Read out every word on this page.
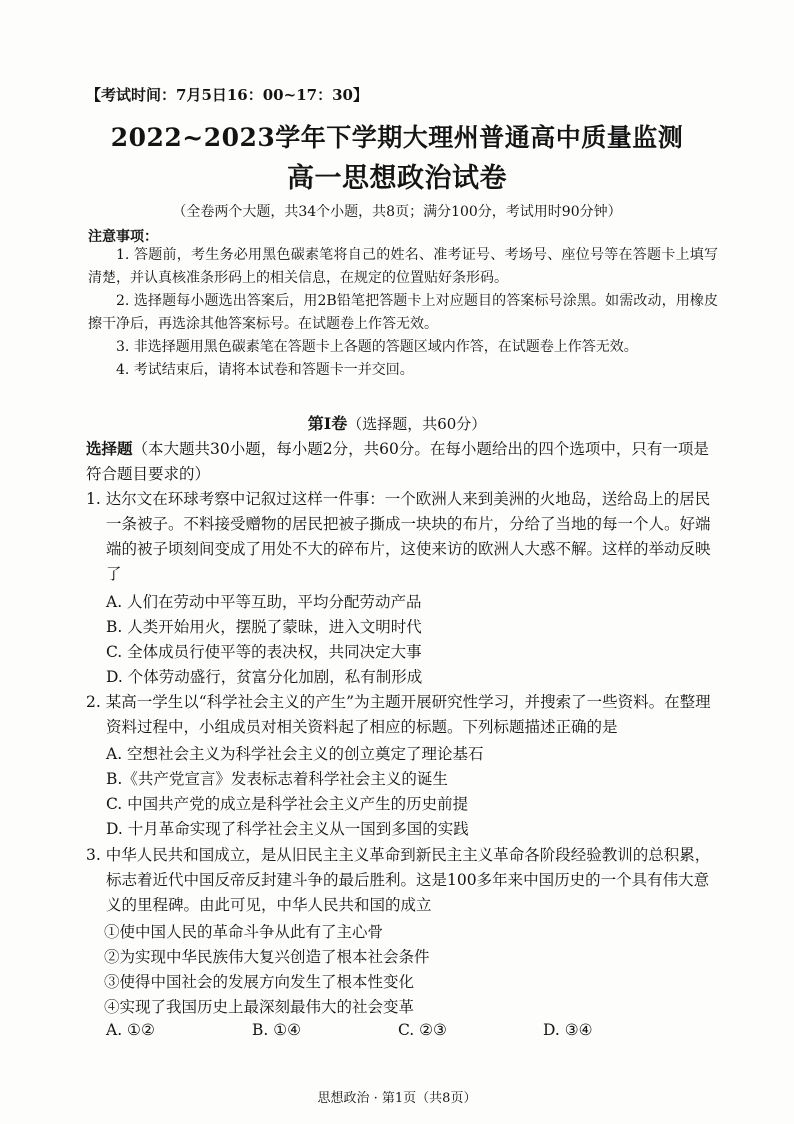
【考试时间：7月5日16：00~17：30】
2022~2023学年下学期大理州普通高中质量监测
高一思想政治试卷
（全卷两个大题，共34个小题，共8页；满分100分，考试用时90分钟）
注意事项：

1. 答题前，考生务必用黑色碳素笔将自己的姓名、准考证号、考场号、座位号等在答题卡上填写清楚，并认真核准条形码上的相关信息，在规定的位置贴好条形码。

2. 选择题每小题选出答案后，用2B铅笔把答题卡上对应题目的答案标号涂黑。如需改动，用橡皮擦干净后，再选涂其他答案标号。在试题卷上作答无效。

3. 非选择题用黑色碳素笔在答题卡上各题的答题区域内作答，在试题卷上作答无效。

4. 考试结束后，请将本试卷和答题卡一并交回。

第Ⅰ卷（选择题，共60分）
选择题（本大题共30小题，每小题2分，共60分。在每小题给出的四个选项中，只有一项是符合题目要求的）
1. 达尔文在环球考察中记叙过这样一件事：一个欧洲人来到美洲的火地岛，送给岛上的居民一条被子。不料接受赠物的居民把被子撕成一块块的布片，分给了当地的每一个人。好端端的被子顷刻间变成了用处不大的碎布片，这使来访的欧洲人大惑不解。这样的举动反映了
A. 人们在劳动中平等互助，平均分配劳动产品
B. 人类开始用火，摆脱了蒙昧，进入文明时代
C. 全体成员行使平等的表决权，共同决定大事
D. 个体劳动盛行，贫富分化加剧，私有制形成
2. 某高一学生以“科学社会主义的产生”为主题开展研究性学习，并搜索了一些资料。在整理资料过程中，小组成员对相关资料起了相应的标题。下列标题描述正确的是
A. 空想社会主义为科学社会主义的创立奠定了理论基石
B.《共产党宣言》发表标志着科学社会主义的诞生
C. 中国共产党的成立是科学社会主义产生的历史前提
D. 十月革命实现了科学社会主义从一国到多国的实践
3. 中华人民共和国成立，是从旧民主主义革命到新民主主义革命各阶段经验教训的总积累，标志着近代中国反帝反封建斗争的最后胜利。这是100多年来中国历史的一个具有伟大意义的里程碑。由此可见，中华人民共和国的成立
①使中国人民的革命斗争从此有了主心骨
②为实现中华民族伟大复兴创造了根本社会条件
③使得中国社会的发展方向发生了根本性变化
④实现了我国历史上最深刻最伟大的社会变革
A. ①②	B. ①④	C. ②③	D. ③④
思想政治 · 第1页（共8页）
